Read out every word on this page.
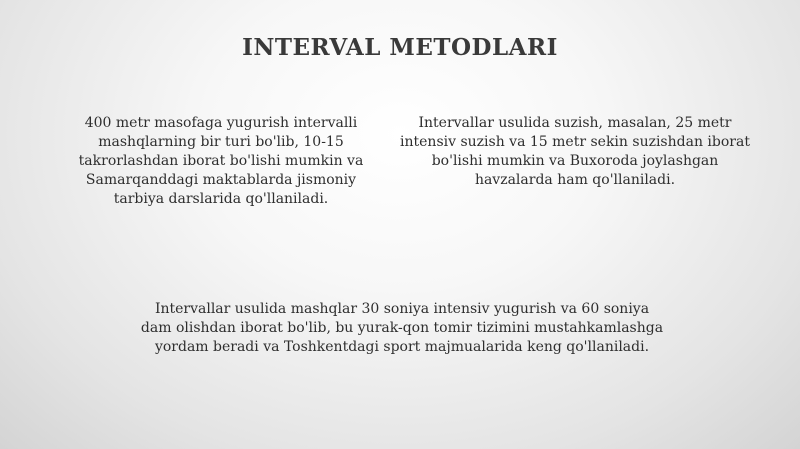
INTERVAL METODLARI
400 metr masofaga yugurish intervalli mashqlarning bir turi bo'lib, 10-15 takrorlashdan iborat bo'lishi mumkin va Samarqanddagi maktablarda jismoniy tarbiya darslarida qo'llaniladi.
Intervallar usulida suzish, masalan, 25 metr intensiv suzish va 15 metr sekin suzishdan iborat bo'lishi mumkin va Buxoroda joylashgan havzalarda ham qo'llaniladi.
Intervallar usulida mashqlar 30 soniya intensiv yugurish va 60 soniya dam olishdan iborat bo'lib, bu yurak-qon tomir tizimini mustahkamlashga yordam beradi va Toshkentdagi sport majmualarida keng qo'llaniladi.
